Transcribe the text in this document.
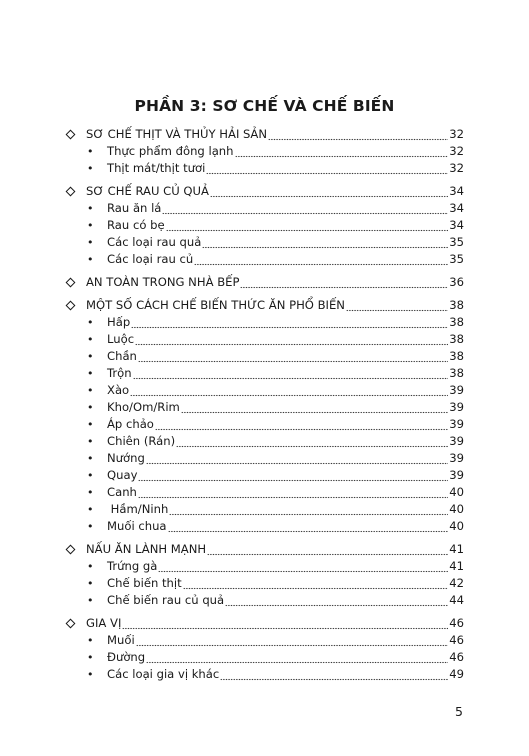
PHẦN 3: SƠ CHẾ VÀ CHẾ BIẾN
SƠ CHẾ THỊT VÀ THỦY HẢI SẢN	32
• Thực phẩm đông lạnh	32
• Thịt mát/thịt tươi	32
SƠ CHẾ RAU CỦ QUẢ	34
• Rau ăn lá	34
• Rau có bẹ	34
• Các loại rau quả	35
• Các loại rau củ	35
AN TOÀN TRONG NHÀ BẾP	36
MỘT SỐ CÁCH CHẾ BIẾN THỨC ĂN PHỔ BIẾN	38
• Hấp	38
• Luộc	38
• Chần	38
• Trộn	38
• Xào	39
• Kho/Om/Rim	39
• Áp chảo	39
• Chiên (Rán)	39
• Nướng	39
• Quay	39
• Canh	40
• Hầm/Ninh	40
• Muối chua	40
NẤU ĂN LÀNH MẠNH	41
• Trứng gà	41
• Chế biến thịt	42
• Chế biến rau củ quả	44
GIA VỊ	46
• Muối	46
• Đường	46
• Các loại gia vị khác	49
5
